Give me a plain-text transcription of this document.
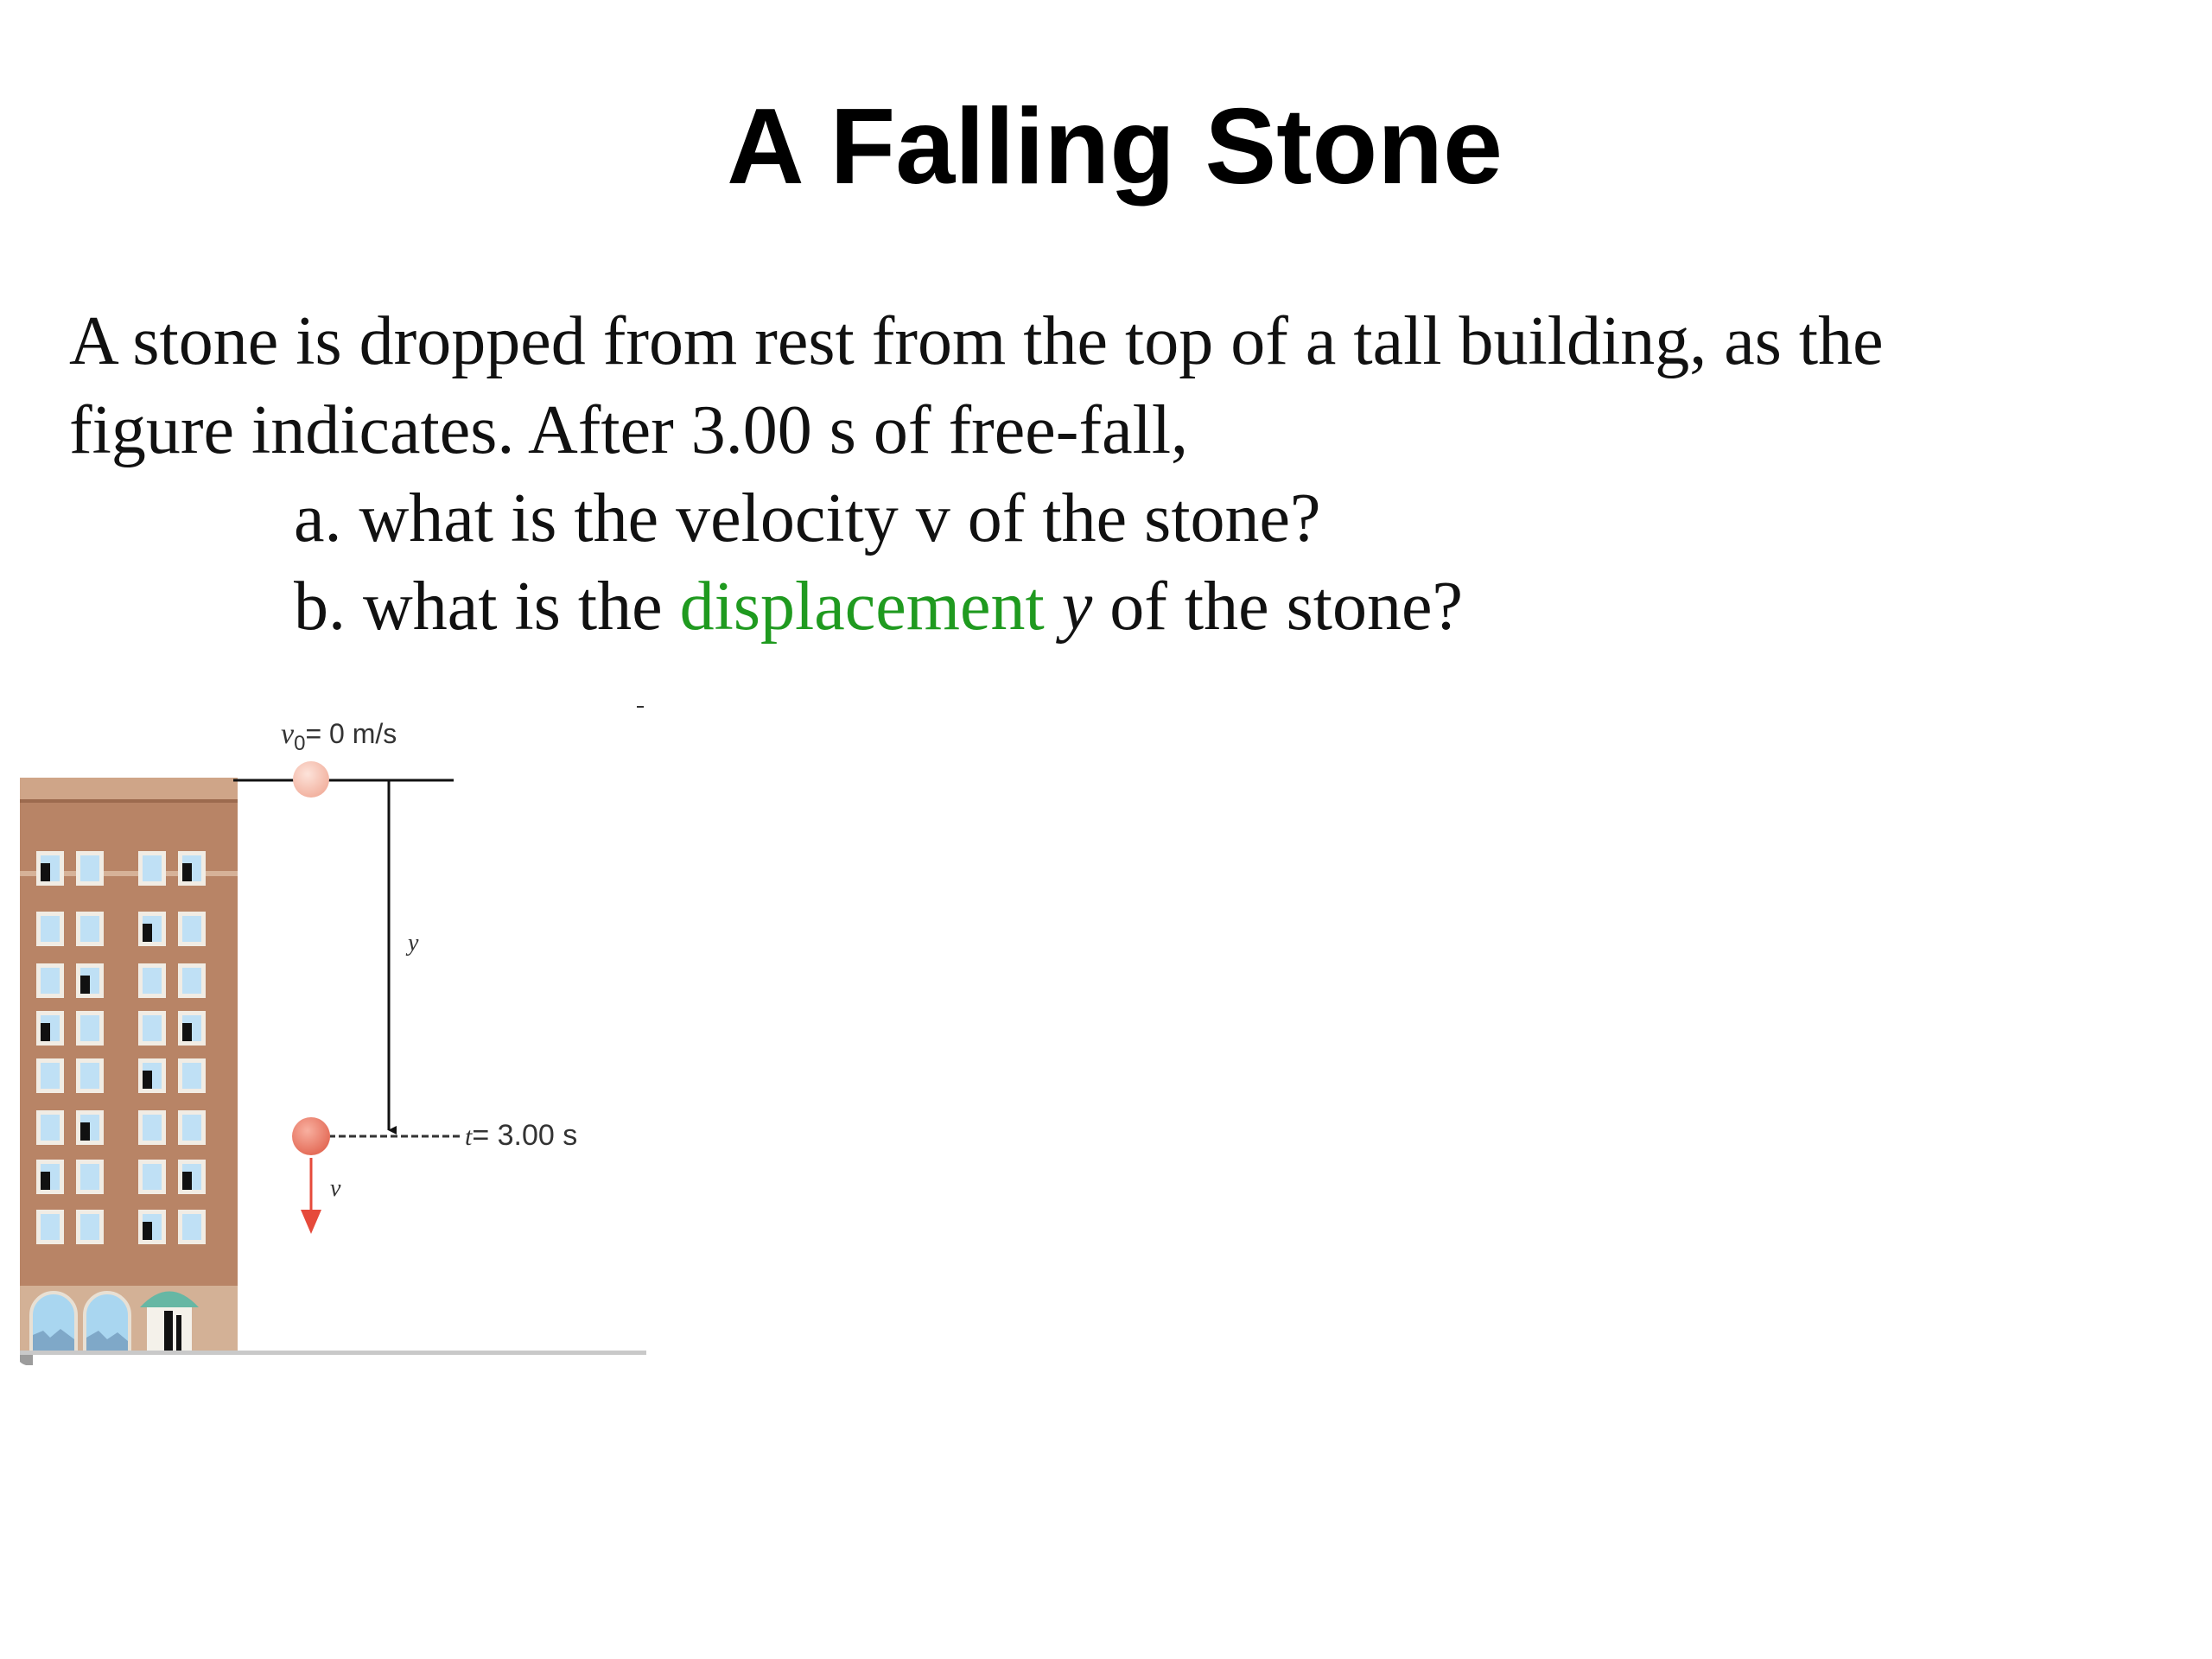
A Falling Stone
A stone is dropped from rest from the top of a tall building, as the
figure indicates. After 3.00 s of free-fall,
a. what is the velocity v of the stone?
b. what is the displacement y of the stone?
$v_0= 0$ m/s
y
t= 3.00 s
v
